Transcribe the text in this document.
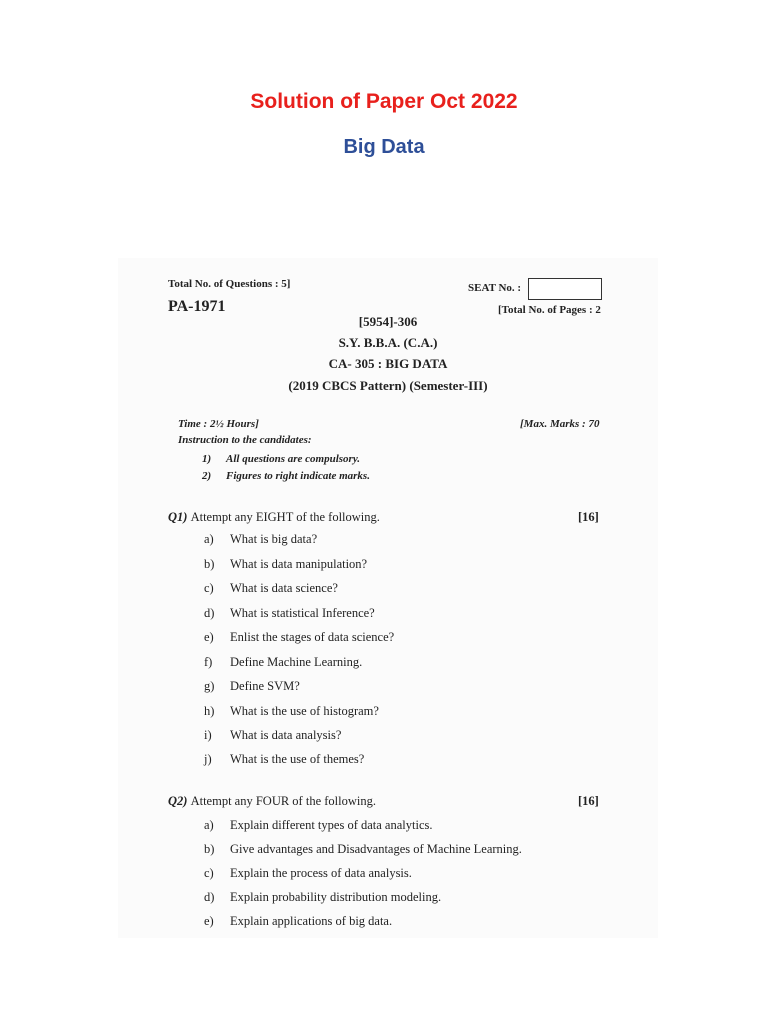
Solution of Paper Oct 2022
Big Data
Total No. of Questions : 5]	SEAT No. :
PA-1971	[Total No. of Pages : 2
[5954]-306
S.Y. B.B.A. (C.A.)
CA- 305 : BIG DATA
(2019 CBCS Pattern) (Semester-III)
Time : 2½ Hours]	[Max. Marks : 70
Instruction to the candidates:
1) All questions are compulsory.
2) Figures to right indicate marks.
Q1) Attempt any EIGHT of the following.	[16]
a) What is big data?
b) What is data manipulation?
c) What is data science?
d) What is statistical Inference?
e) Enlist the stages of data science?
f) Define Machine Learning.
g) Define SVM?
h) What is the use of histogram?
i) What is data analysis?
j) What is the use of themes?
Q2) Attempt any FOUR of the following.	[16]
a) Explain different types of data analytics.
b) Give advantages and Disadvantages of Machine Learning.
c) Explain the process of data analysis.
d) Explain probability distribution modeling.
e) Explain applications of big data.
